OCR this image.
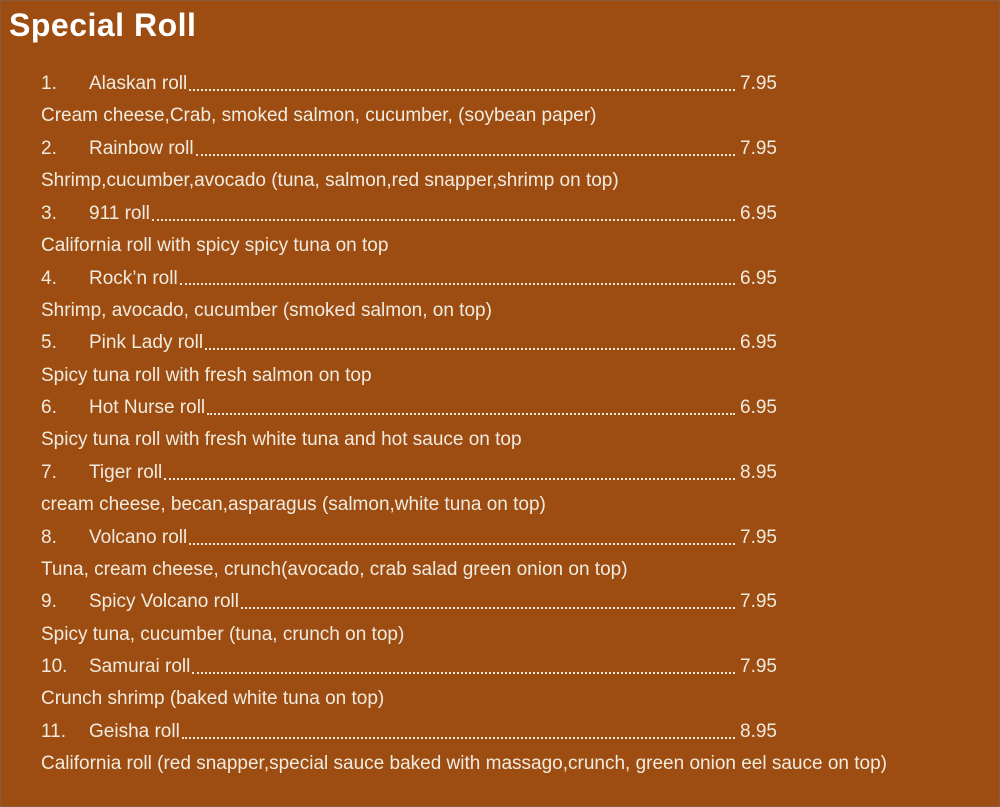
Special Roll
1.	Alaskan roll	7.95
Cream cheese,Crab, smoked salmon, cucumber, (soybean paper)
2.	Rainbow roll	7.95
Shrimp,cucumber,avocado (tuna, salmon,red snapper,shrimp on top)
3.	911 roll	6.95
California roll with spicy spicy tuna on top
4.	Rock’n roll	6.95
Shrimp, avocado, cucumber (smoked salmon, on top)
5.	Pink Lady roll	6.95
Spicy tuna roll with fresh salmon on top
6.	Hot Nurse roll	6.95
Spicy tuna roll with fresh white tuna and hot sauce on top
7.	Tiger roll	8.95
cream cheese, becan,asparagus (salmon,white tuna on top)
8.	Volcano roll	7.95
Tuna, cream cheese, crunch(avocado, crab salad green onion on top)
9.	Spicy Volcano roll	7.95
Spicy tuna, cucumber (tuna, crunch on top)
10.	Samurai roll	7.95
Crunch shrimp (baked white tuna on top)
11.	Geisha roll	8.95
California roll (red snapper,special sauce baked with massago,crunch, green onion eel sauce on top)
